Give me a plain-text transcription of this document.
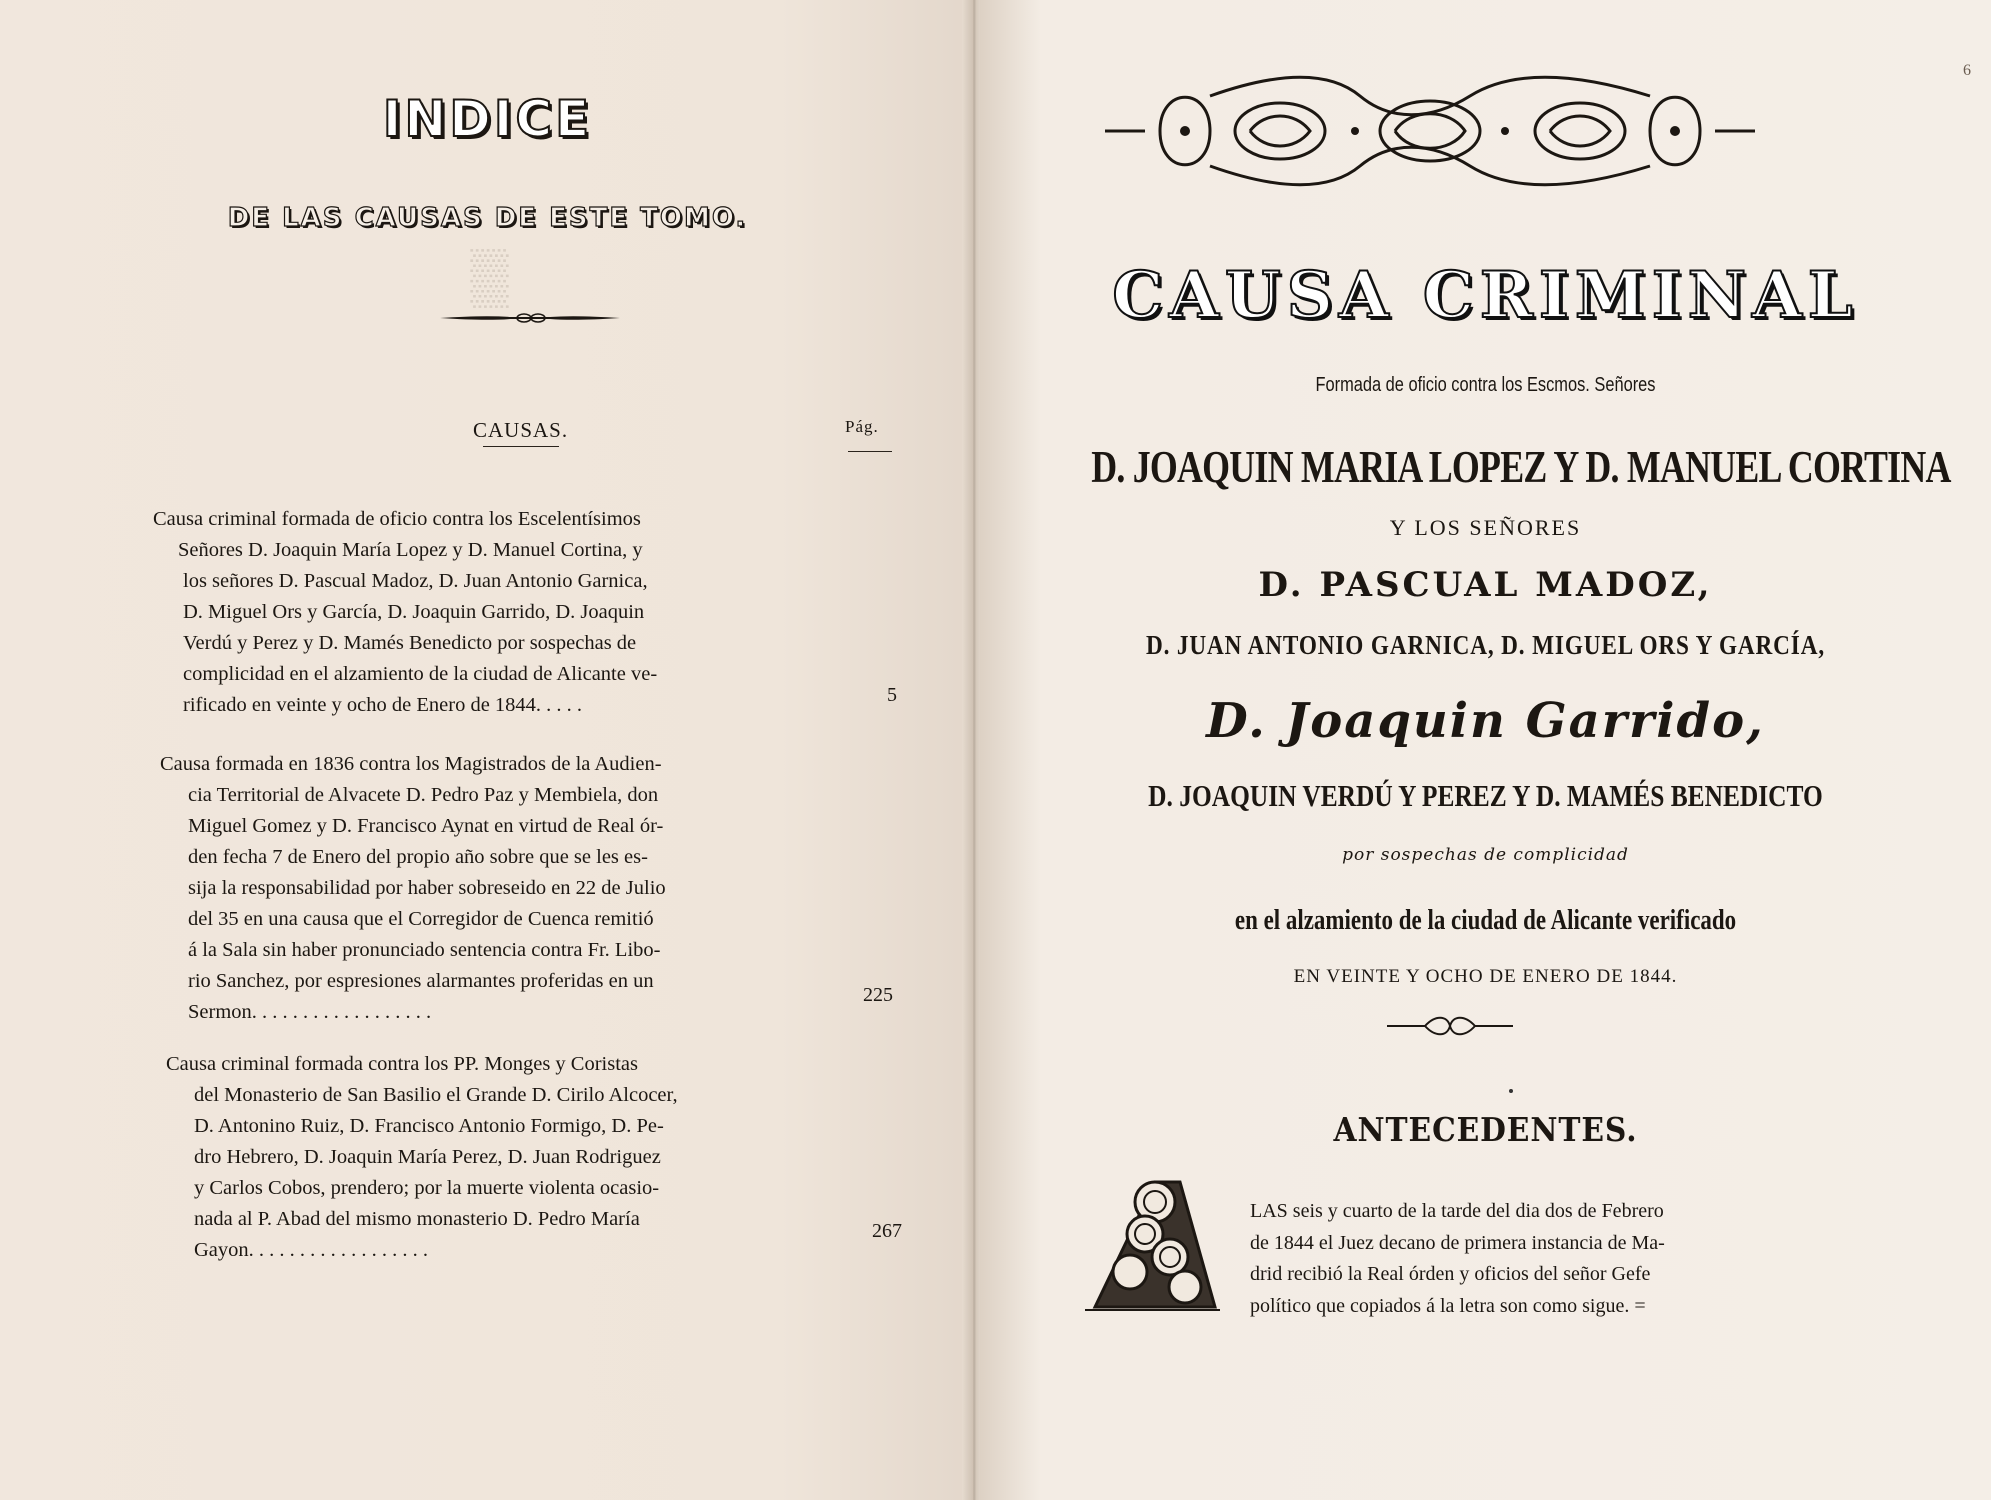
▒
INDICE
DE LAS CAUSAS DE ESTE TOMO.
CAUSAS.	Pág.
Causa criminal formada de oficio contra los Escelentísimos
Señores D. Joaquin María Lopez y D. Manuel Cortina, y
los señores D. Pascual Madoz, D. Juan Antonio Garnica,
D. Miguel Ors y García, D. Joaquin Garrido, D. Joaquin
Verdú y Perez y D. Mamés Benedicto por sospechas de
complicidad en el alzamiento de la ciudad de Alicante ve-
rificado en veinte y ocho de Enero de 1844. . . . .	5
Causa formada en 1836 contra los Magistrados de la Audien-
cia Territorial de Alvacete D. Pedro Paz y Membiela, don
Miguel Gomez y D. Francisco Aynat en virtud de Real ór-
den fecha 7 de Enero del propio año sobre que se les es-
sija la responsabilidad por haber sobreseido en 22 de Julio
del 35 en una causa que el Corregidor de Cuenca remitió
á la Sala sin haber pronunciado sentencia contra Fr. Libo-
rio Sanchez, por espresiones alarmantes proferidas en un
Sermon. . . . . . . . . . . . . . . . . .
225
Causa criminal formada contra los PP. Monges y Coristas
del Monasterio de San Basilio el Grande D. Cirilo Alcocer,
D. Antonino Ruiz, D. Francisco Antonio Formigo, D. Pe-
dro Hebrero, D. Joaquin María Perez, D. Juan Rodriguez
y Carlos Cobos, prendero; por la muerte violenta ocasio-
nada al P. Abad del mismo monasterio D. Pedro María
Gayon. . . . . . . . . . . . . . . . . .
267
6
CAUSA CRIMINAL
Formada de oficio contra los Escmos. Señores
D. JOAQUIN MARIA LOPEZ Y D. MANUEL CORTINA
Y LOS SEÑORES
D. PASCUAL MADOZ,
D. JUAN ANTONIO GARNICA, D. MIGUEL ORS Y GARCÍA,
D. Joaquin Garrido,
D. JOAQUIN VERDÚ Y PEREZ Y D. MAMÉS BENEDICTO
por sospechas de complicidad
en el alzamiento de la ciudad de Alicante verificado
EN VEINTE Y OCHO DE ENERO DE 1844.
ANTECEDENTES.
LAS seis y cuarto de la tarde del dia dos de Febrero
de 1844 el Juez decano de primera instancia de Ma-
drid recibió la Real órden y oficios del señor Gefe
político que copiados á la letra son como sigue. =
